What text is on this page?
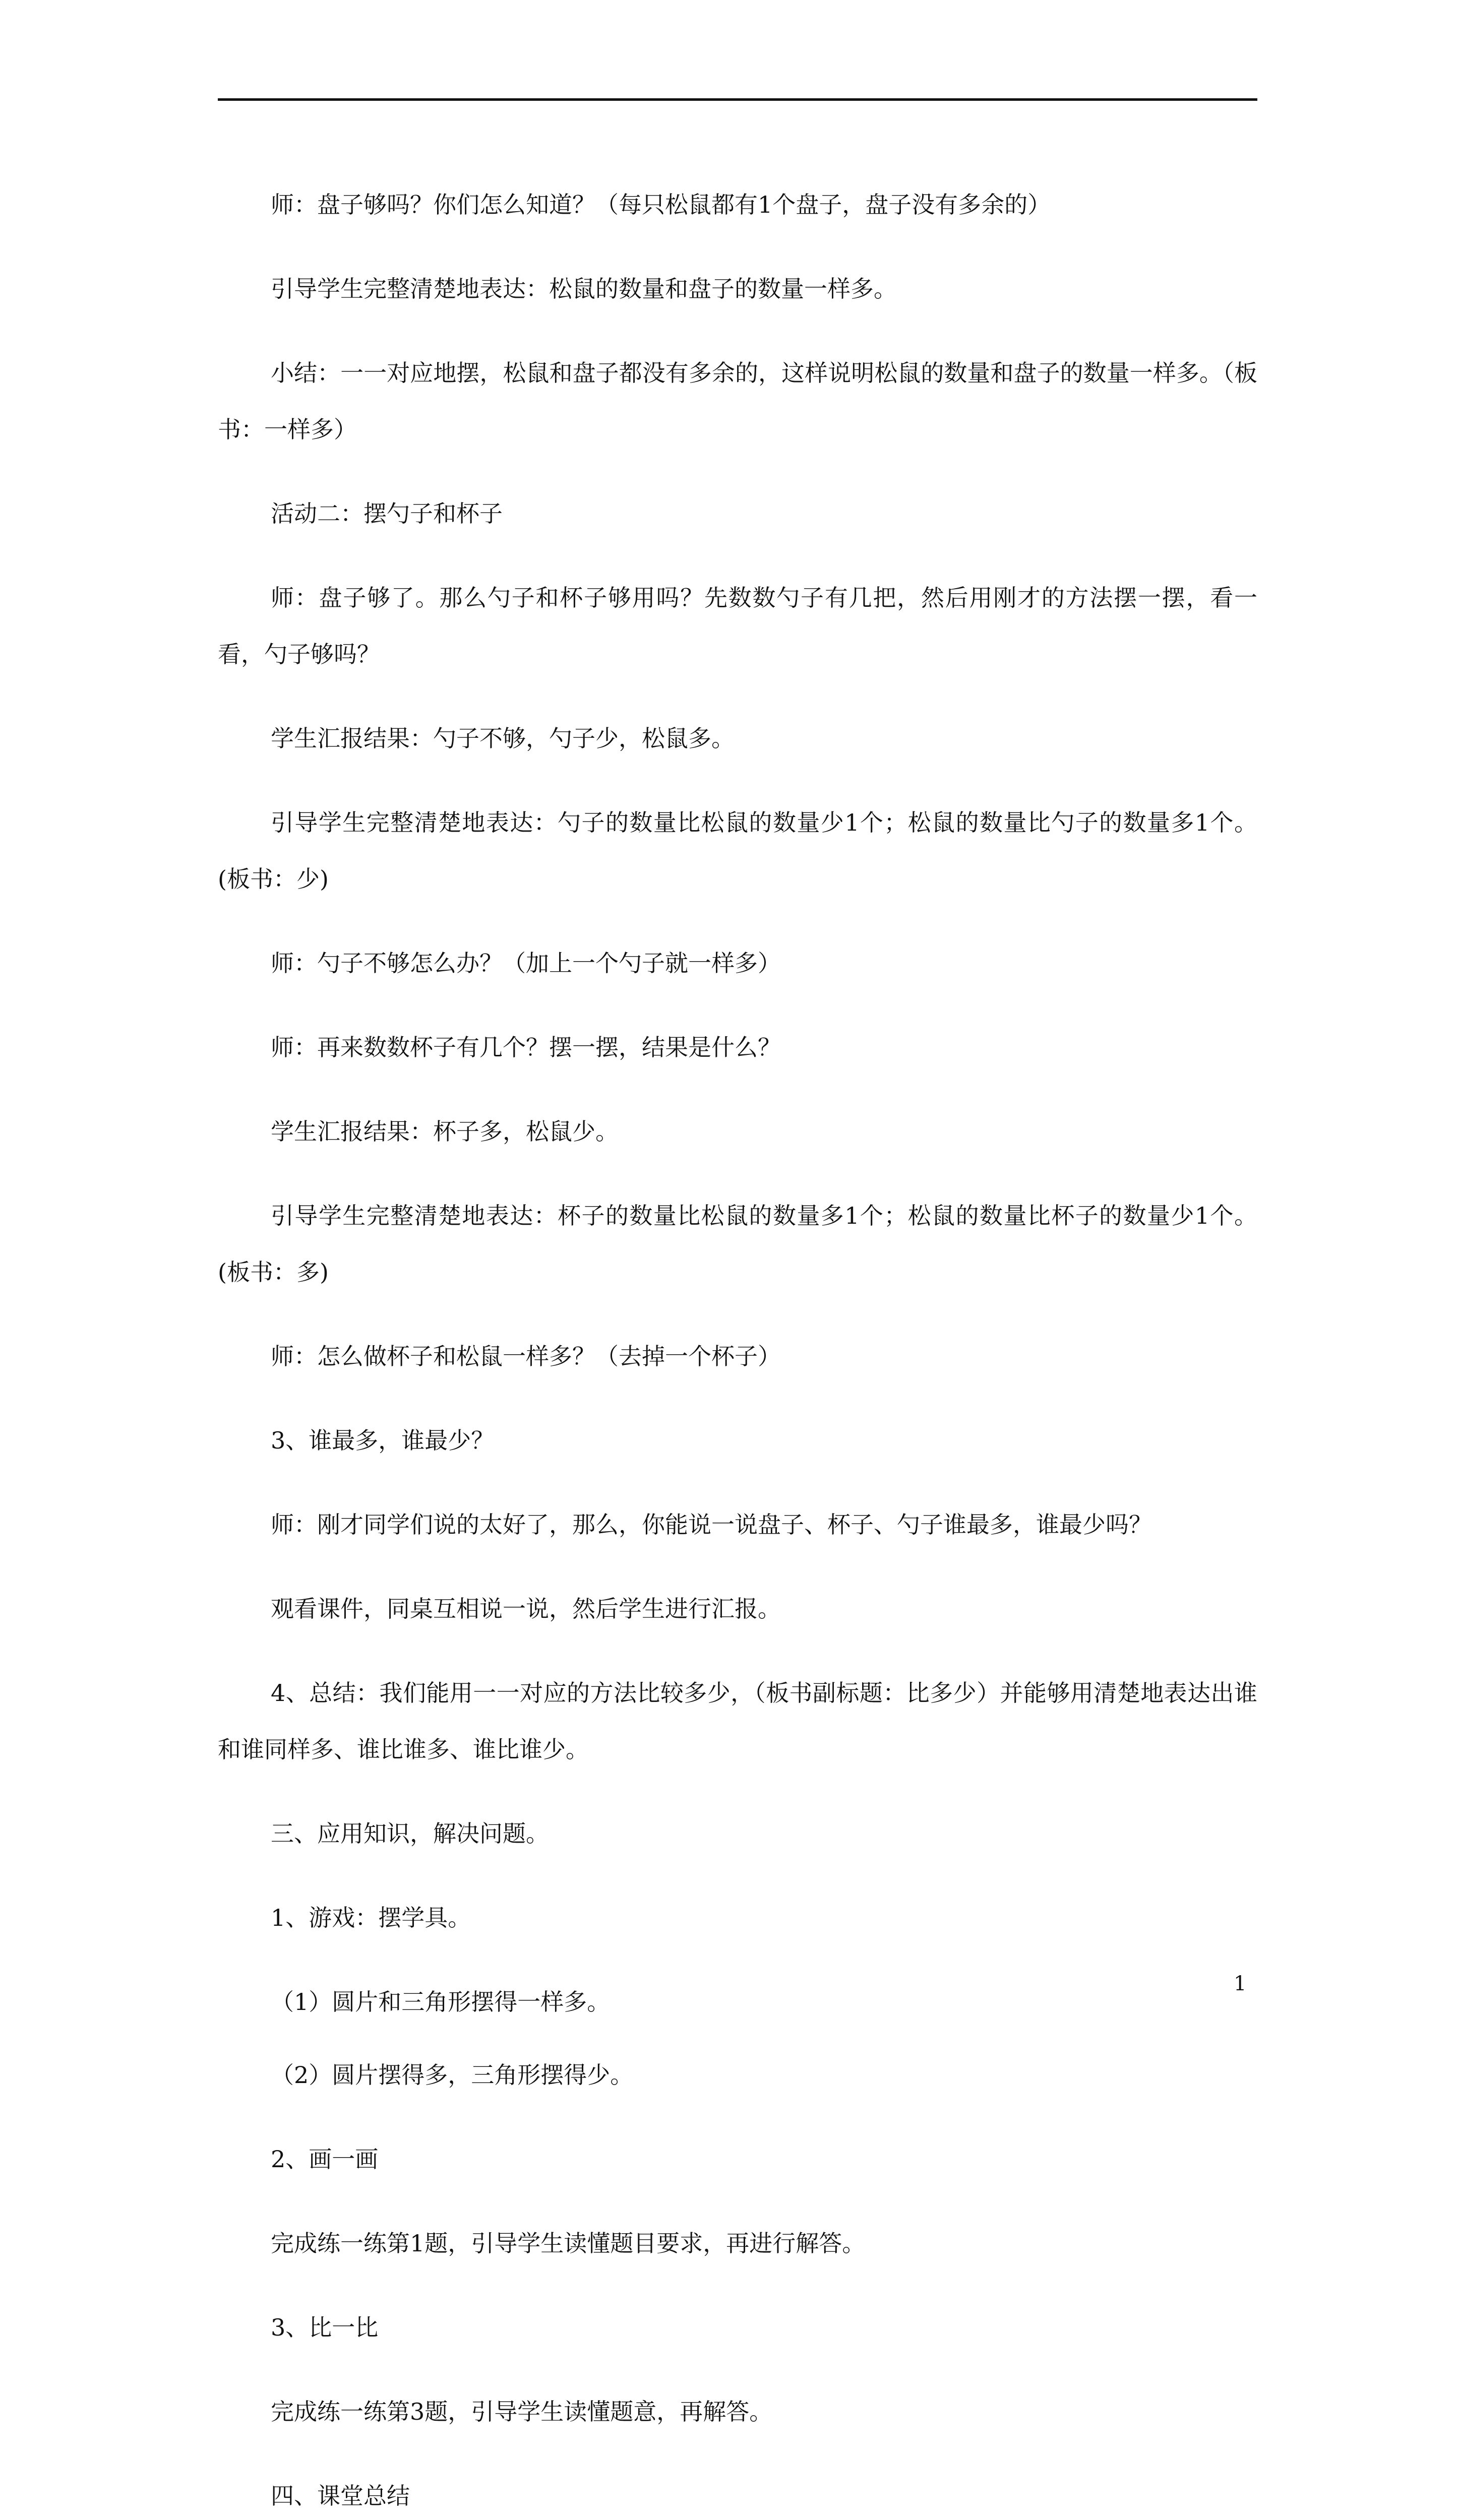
师：盘子够吗？你们怎么知道？（每只松鼠都有1个盘子，盘子没有多余的）

引导学生完整清楚地表达：松鼠的数量和盘子的数量一样多。

小结：一一对应地摆，松鼠和盘子都没有多余的，这样说明松鼠的数量和盘子的数量一样多。（板书：一样多）

活动二：摆勺子和杯子

师：盘子够了。那么勺子和杯子够用吗？先数数勺子有几把，然后用刚才的方法摆一摆，看一看，勺子够吗？

学生汇报结果：勺子不够，勺子少，松鼠多。

引导学生完整清楚地表达：勺子的数量比松鼠的数量少1个；松鼠的数量比勺子的数量多1个。(板书：少)

师：勺子不够怎么办？（加上一个勺子就一样多）

师：再来数数杯子有几个？摆一摆，结果是什么？

学生汇报结果：杯子多，松鼠少。

引导学生完整清楚地表达：杯子的数量比松鼠的数量多1个；松鼠的数量比杯子的数量少1个。(板书：多)

师：怎么做杯子和松鼠一样多？（去掉一个杯子）

3、谁最多，谁最少？

师：刚才同学们说的太好了，那么，你能说一说盘子、杯子、勺子谁最多，谁最少吗？

观看课件，同桌互相说一说，然后学生进行汇报。

4、总结：我们能用一一对应的方法比较多少，（板书副标题：比多少）并能够用清楚地表达出谁和谁同样多、谁比谁多、谁比谁少。

三、应用知识，解决问题。

1、游戏：摆学具。

（1）圆片和三角形摆得一样多。

（2）圆片摆得多，三角形摆得少。

2、画一画

完成练一练第1题，引导学生读懂题目要求，再进行解答。

3、比一比

完成练一练第3题，引导学生读懂题意，再解答。

四、课堂总结

1
